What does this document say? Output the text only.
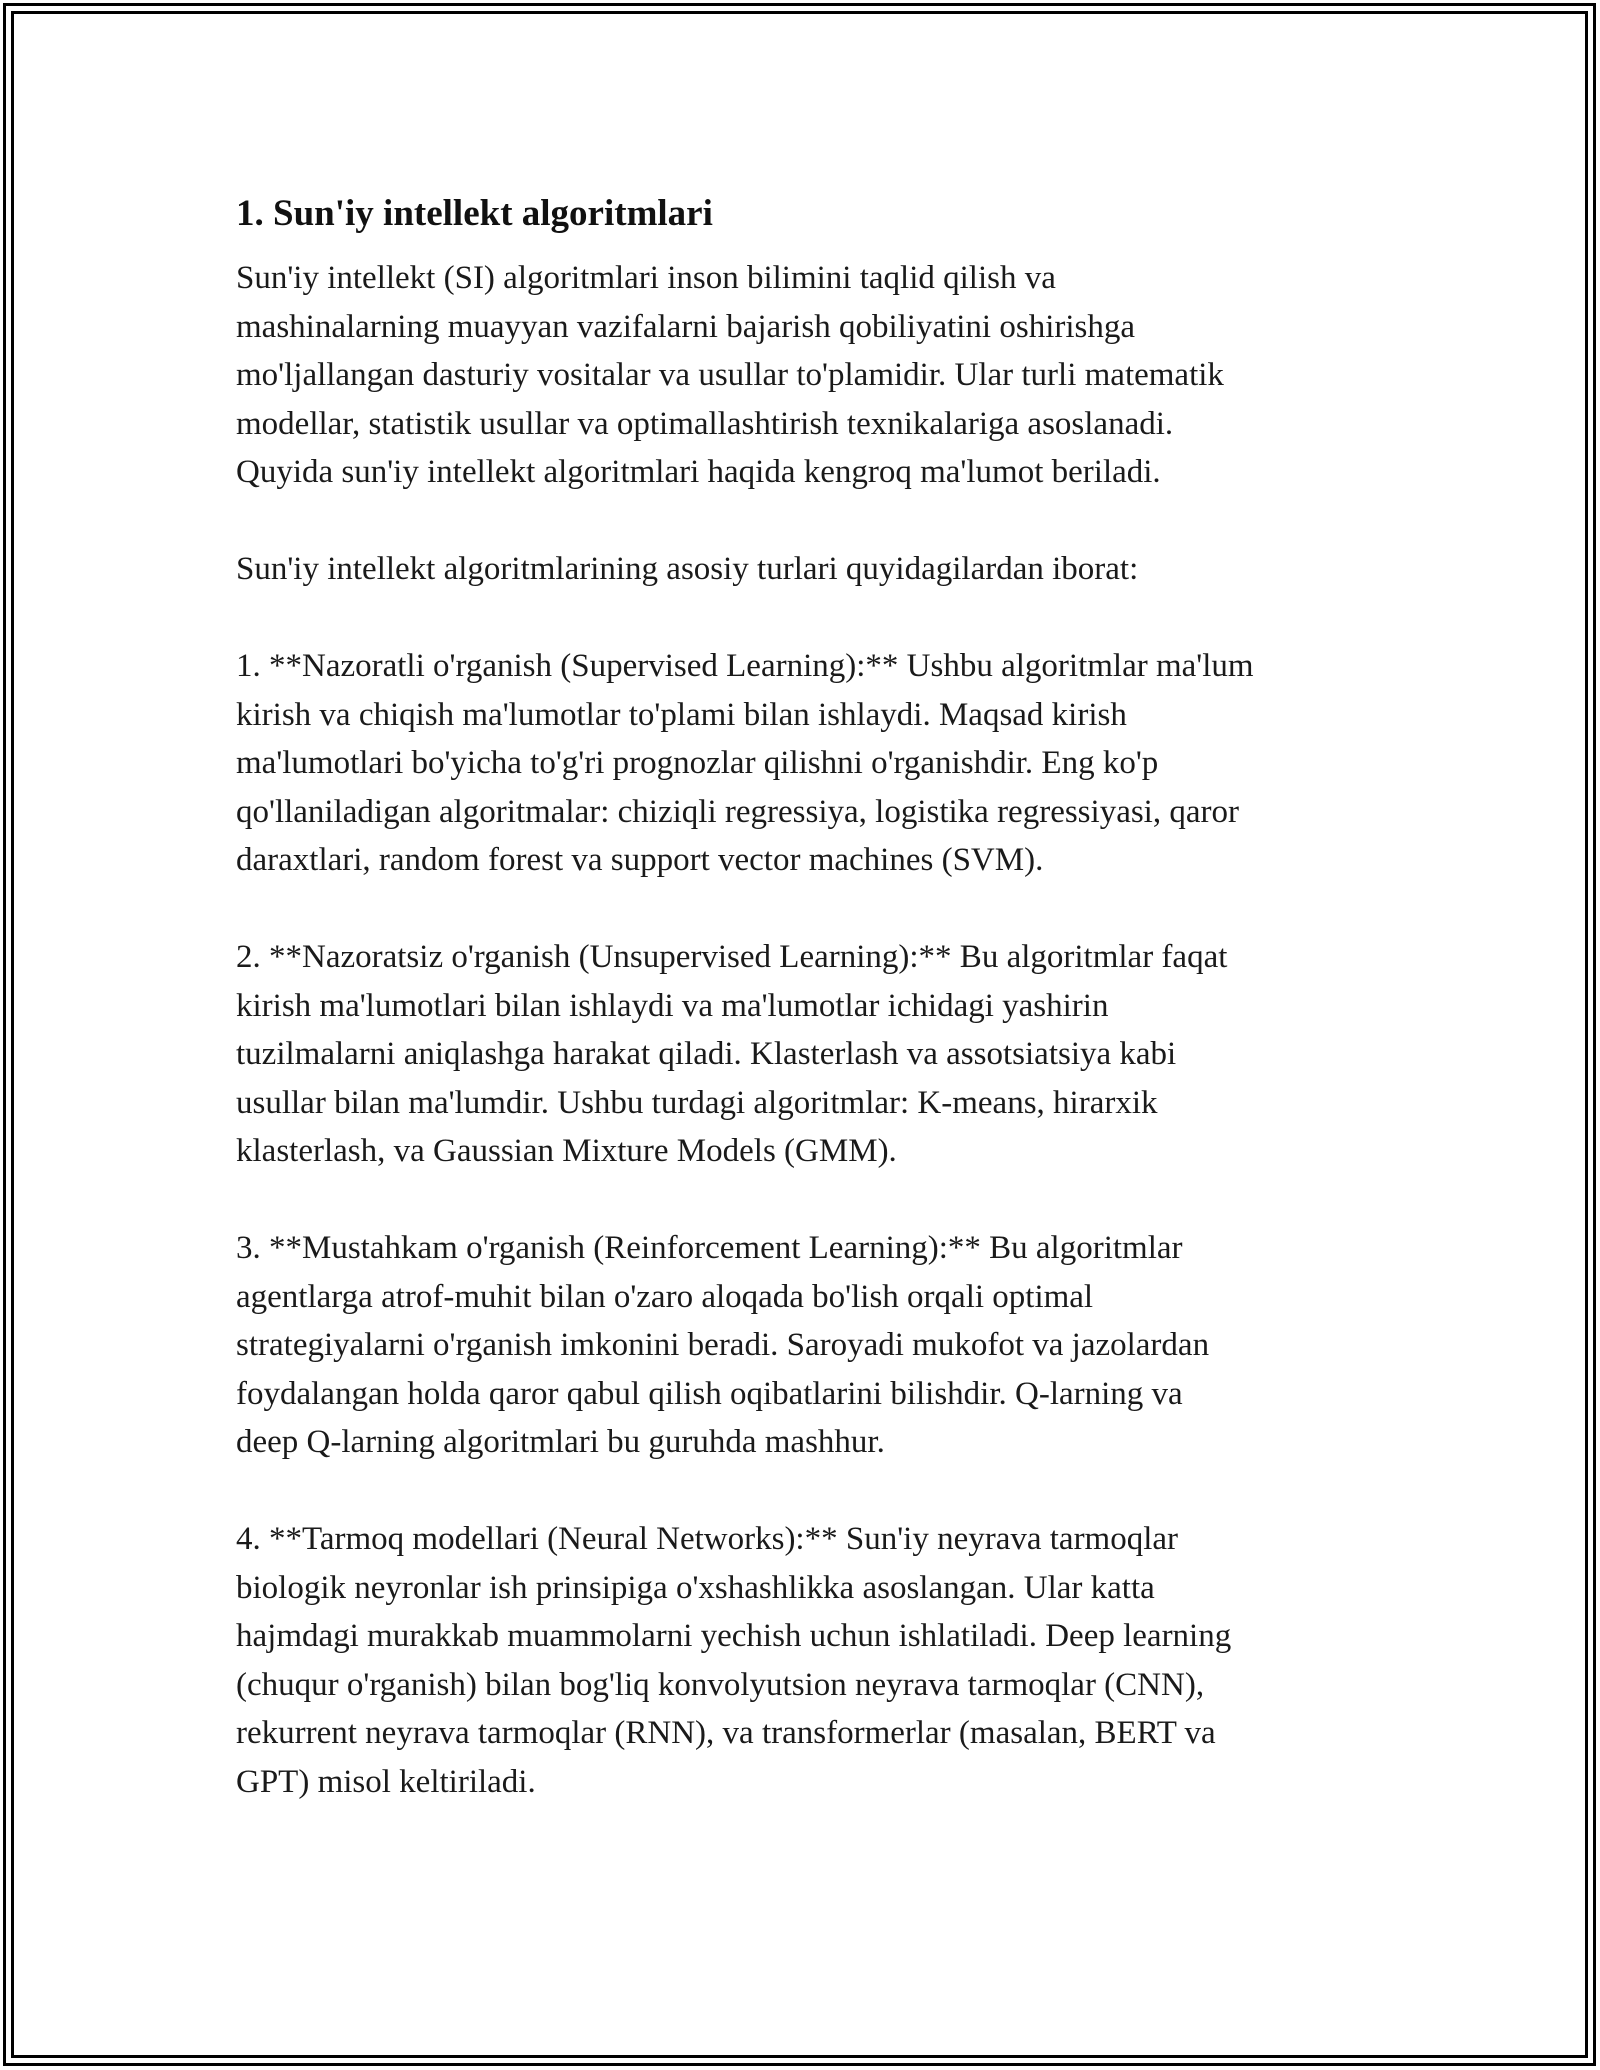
1. Sun'iy intellekt algoritmlari

Sun'iy intellekt (SI) algoritmlari inson bilimini taqlid qilish va
mashinalarning muayyan vazifalarni bajarish qobiliyatini oshirishga
mo'ljallangan dasturiy vositalar va usullar to'plamidir. Ular turli matematik
modellar, statistik usullar va optimallashtirish texnikalariga asoslanadi.
Quyida sun'iy intellekt algoritmlari haqida kengroq ma'lumot beriladi.

Sun'iy intellekt algoritmlarining asosiy turlari quyidagilardan iborat:

1. **Nazoratli o'rganish (Supervised Learning):** Ushbu algoritmlar ma'lum
kirish va chiqish ma'lumotlar to'plami bilan ishlaydi. Maqsad kirish
ma'lumotlari bo'yicha to'g'ri prognozlar qilishni o'rganishdir. Eng ko'p
qo'llaniladigan algoritmalar: chiziqli regressiya, logistika regressiyasi, qaror
daraxtlari, random forest va support vector machines (SVM).

2. **Nazoratsiz o'rganish (Unsupervised Learning):** Bu algoritmlar faqat
kirish ma'lumotlari bilan ishlaydi va ma'lumotlar ichidagi yashirin
tuzilmalarni aniqlashga harakat qiladi. Klasterlash va assotsiatsiya kabi
usullar bilan ma'lumdir. Ushbu turdagi algoritmlar: K-means, hirarxik
klasterlash, va Gaussian Mixture Models (GMM).

3. **Mustahkam o'rganish (Reinforcement Learning):** Bu algoritmlar
agentlarga atrof-muhit bilan o'zaro aloqada bo'lish orqali optimal
strategiyalarni o'rganish imkonini beradi. Saroyadi mukofot va jazolardan
foydalangan holda qaror qabul qilish oqibatlarini bilishdir. Q-larning va
deep Q-larning algoritmlari bu guruhda mashhur.

4. **Tarmoq modellari (Neural Networks):** Sun'iy neyrava tarmoqlar
biologik neyronlar ish prinsipiga o'xshashlikka asoslangan. Ular katta
hajmdagi murakkab muammolarni yechish uchun ishlatiladi. Deep learning
(chuqur o'rganish) bilan bog'liq konvolyutsion neyrava tarmoqlar (CNN),
rekurrent neyrava tarmoqlar (RNN), va transformerlar (masalan, BERT va
GPT) misol keltiriladi.
